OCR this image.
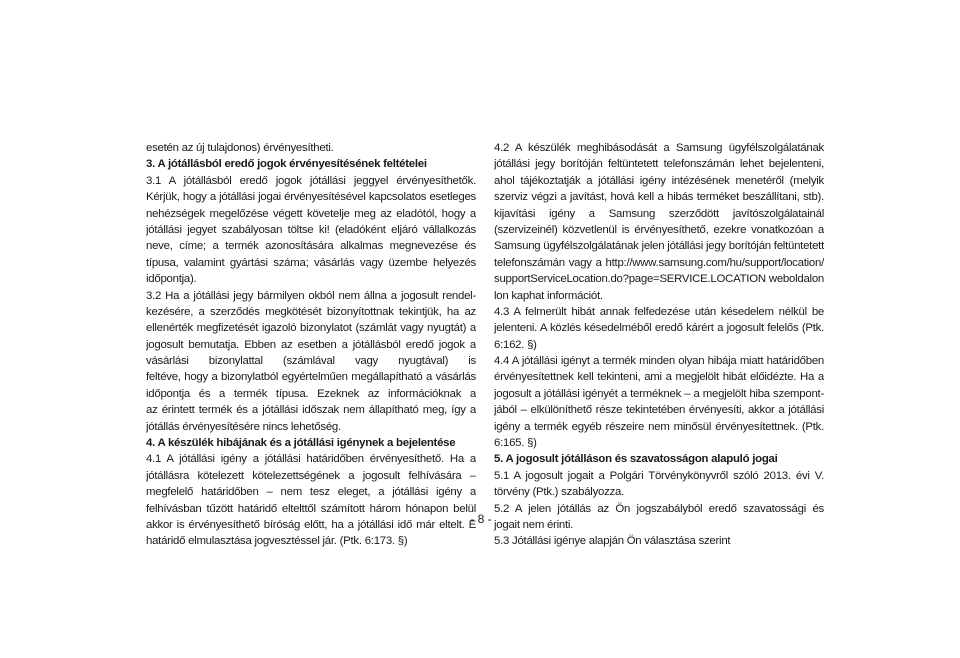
esetén az új tulajdonos) érvényesítheti.
3. A jótállásból eredő jogok érvényesítésének feltételei
3.1 A jótállásból eredő jogok jótállási jeggyel érvényesíthetők.
Kérjük, hogy a jótállási jogai érvényesítésével kapcsolatos esetleges
nehézségek megelőzése végett követelje meg az eladótól, hogy a
jótállási jegyet szabályosan töltse ki! (eladóként eljáró vállalkozás
neve, címe; a termék azonosítására alkalmas megnevezése és
típusa, valamint gyártási száma; vásárlás vagy üzembe helyezés
időpontja).
3.2 Ha a jótállási jegy bármilyen okból nem állna a jogosult rendel-
kezésére, a szerződés megkötését bizonyítottnak tekintjük, ha az
ellenérték megfizetését igazoló bizonylatot (számlát vagy nyugtát) a
jogosult bemutatja. Ebben az esetben a jótállásból eredő jogok a
vásárlási bizonylattal (számlával vagy nyugtával) is
feltéve, hogy a bizonylatból egyértelműen megállapítható a vásárlás
időpontja és a termék típusa. Ezeknek az információknak a
az érintett termék és a jótállási időszak nem állapítható meg, így a
jótállás érvényesítésére nincs lehetőség.
4. A készülék hibájának és a jótállási igénynek a bejelentése
4.1 A jótállási igény a jótállási határidőben érvényesíthető. Ha a
jótállásra kötelezett kötelezettségének a jogosult felhívására –
megfelelő határidőben – nem tesz eleget, a jótállási igény a
felhívásban tűzött határidő eltelttől számított három hónapon belül
akkor is érvényesíthető bíróság előtt, ha a jótállási idő már eltelt. E
határidő elmulasztása jogvesztéssel jár. (Ptk. 6:173. §)
4.2 A készülék meghibásodását a Samsung ügyfélszolgálatának
jótállási jegy borítóján feltüntetett telefonszámán lehet bejelenteni,
ahol tájékoztatják a jótállási igény intézésének menetéről (melyik
szerviz végzi a javítást, hová kell a hibás terméket beszállítani, stb).
kijavítási igény a Samsung szerződött javítószolgálatainál
(szervizeinél) közvetlenül is érvényesíthető, ezekre vonatkozóan a
Samsung ügyfélszolgálatának jelen jótállási jegy borítóján feltüntetett
telefonszámán vagy a http://www.samsung.com/hu/support/location/
supportServiceLocation.do?page=SERVICE.LOCATION weboldalon
lon kaphat információt.
4.3 A felmerült hibát annak felfedezése után késedelem nélkül be
jelenteni. A közlés késedelméből eredő kárért a jogosult felelős (Ptk.
6:162. §)
4.4 A jótállási igényt a termék minden olyan hibája miatt határidőben
érvényesítettnek kell tekinteni, ami a megjelölt hibát előidézte. Ha a
jogosult a jótállási igényét a terméknek – a megjelölt hiba szempont-
jából – elkülöníthető része tekintetében érvényesíti, akkor a jótállási
igény a termék egyéb részeire nem minősül érvényesítettnek. (Ptk.
6:165. §)
5. A jogosult jótálláson és szavatosságon alapuló jogai
5.1 A jogosult jogait a Polgári Törvénykönyvről szóló 2013. évi V.
törvény (Ptk.) szabályozza.
5.2 A jelen jótállás az Ön jogszabályból eredő szavatossági és
jogait nem érinti.
5.3 Jótállási igénye alapján Ön választása szerint
- 8 -
